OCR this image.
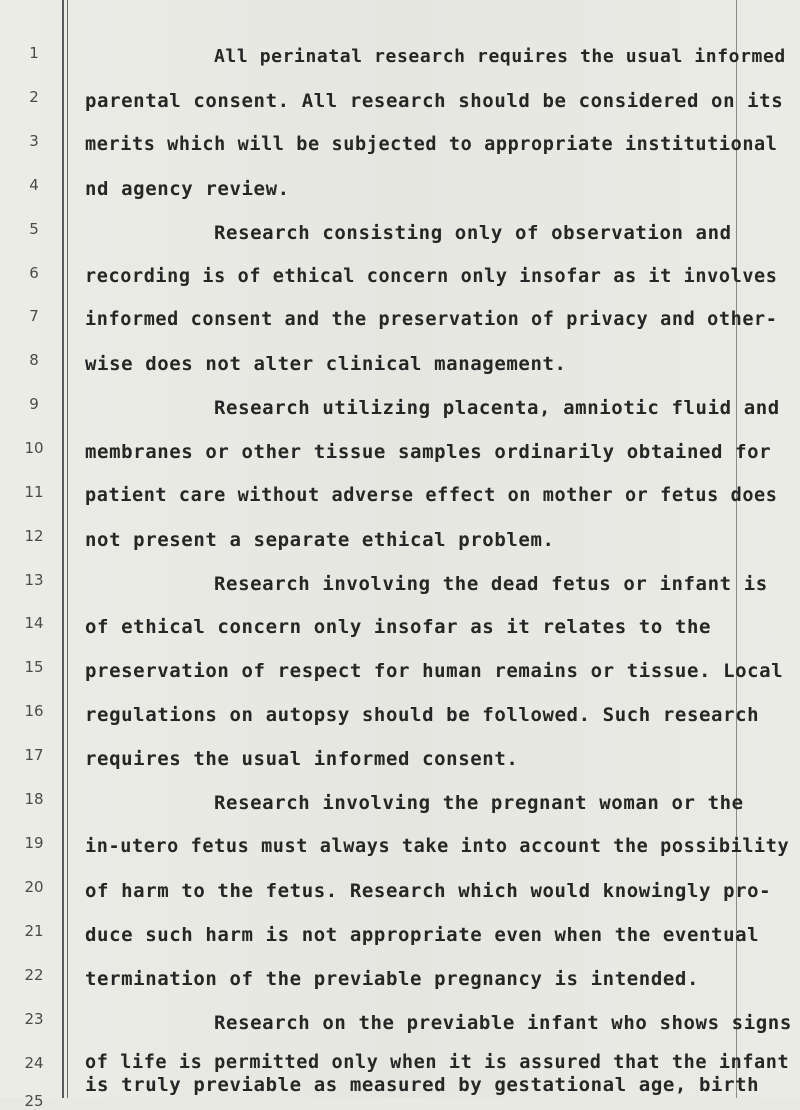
1
2
3
4
5
6
7
8
9
10
11
12
13
14
15
16
17
18
19
20
21
22
23
24
25
All perinatal research requires the usual informed
parental consent. All research should be considered on its
merits which will be subjected to appropriate institutional
nd agency review.
Research consisting only of observation and
recording is of ethical concern only insofar as it involves
informed consent and the preservation of privacy and other-
wise does not alter clinical management.
Research utilizing placenta, amniotic fluid and
membranes or other tissue samples ordinarily obtained for
patient care without adverse effect on mother or fetus does
not present a separate ethical problem.
Research involving the dead fetus or infant is
of ethical concern only insofar as it relates to the
preservation of respect for human remains or tissue. Local
regulations on autopsy should be followed. Such research
requires the usual informed consent.
Research involving the pregnant woman or the
in-utero fetus must always take into account the possibility
of harm to the fetus. Research which would knowingly pro-
duce such harm is not appropriate even when the eventual
termination of the previable pregnancy is intended.
Research on the previable infant who shows signs
of life is permitted only when it is assured that the infant
is truly previable as measured by gestational age, birth
